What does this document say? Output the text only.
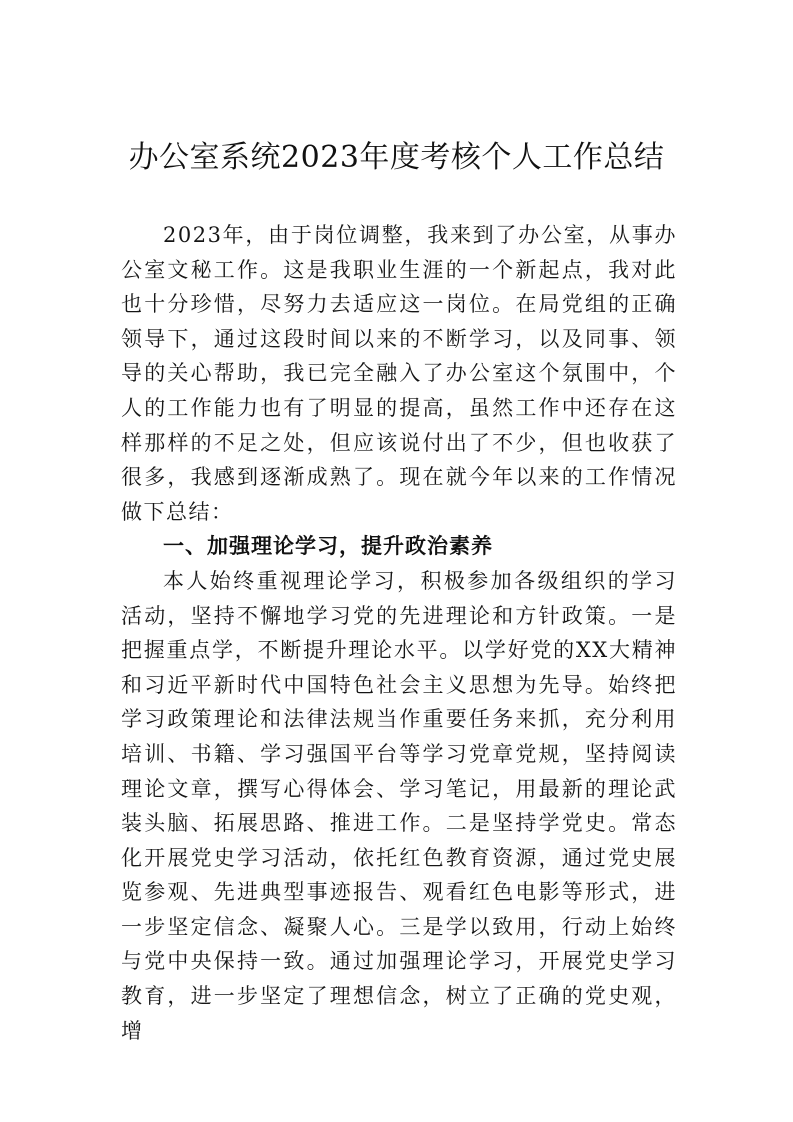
办公室系统2023年度考核个人工作总结

2023年，由于岗位调整，我来到了办公室，从事办公室文秘工作。这是我职业生涯的一个新起点，我对此也十分珍惜，尽努力去适应这一岗位。在局党组的正确领导下，通过这段时间以来的不断学习，以及同事、领导的关心帮助，我已完全融入了办公室这个氛围中，个人的工作能力也有了明显的提高，虽然工作中还存在这样那样的不足之处，但应该说付出了不少，但也收获了很多，我感到逐渐成熟了。现在就今年以来的工作情况做下总结：

一、加强理论学习，提升政治素养

本人始终重视理论学习，积极参加各级组织的学习活动，坚持不懈地学习党的先进理论和方针政策。一是把握重点学，不断提升理论水平。以学好党的XX大精神和习近平新时代中国特色社会主义思想为先导。始终把学习政策理论和法律法规当作重要任务来抓，充分利用培训、书籍、学习强国平台等学习党章党规，坚持阅读理论文章，撰写心得体会、学习笔记，用最新的理论武装头脑、拓展思路、推进工作。二是坚持学党史。常态化开展党史学习活动，依托红色教育资源，通过党史展览参观、先进典型事迹报告、观看红色电影等形式，进一步坚定信念、凝聚人心。三是学以致用，行动上始终与党中央保持一致。通过加强理论学习，开展党史学习教育，进一步坚定了理想信念，树立了正确的党史观，增
